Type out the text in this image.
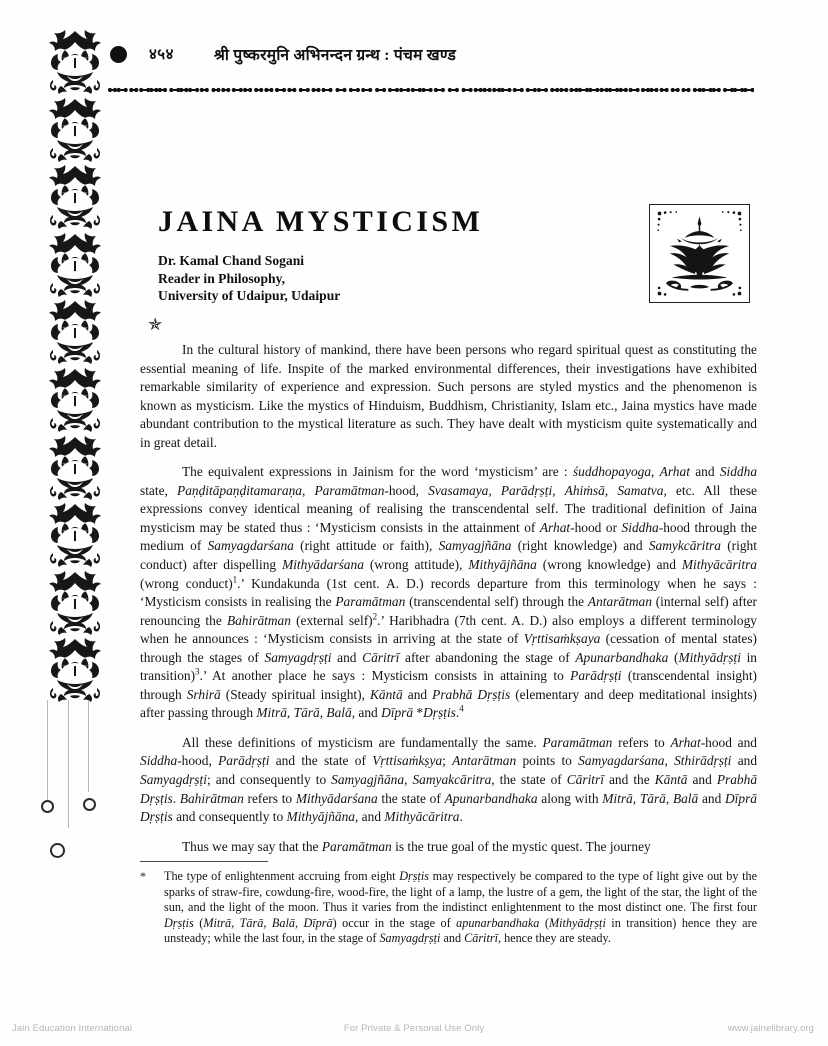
४५४	श्री पुष्करमुनि अभिनन्दन ग्रन्थ : पंचम खण्ड
JAINA MYSTICISM
Dr. Kamal Chand Sogani
Reader in Philosophy,
University of Udaipur, Udaipur
✯

In the cultural history of mankind, there have been persons who regard spiritual quest as constituting the essential meaning of life. Inspite of the marked environmental differences, their investigations have exhibited remarkable similarity of experience and expression. Such persons are styled mystics and the phenomenon is known as mysticism. Like the mystics of Hinduism, Buddhism, Christianity, Islam etc., Jaina mystics have made abundant contribution to the mystical literature as such. They have dealt with mysticism quite systematically and in great detail.

The equivalent expressions in Jainism for the word ‘mysticism’ are : śuddhopayoga, Arhat and Siddha state, Paṇḍitāpaṇḍitamaraṇa, Paramātman-hood, Svasamaya, Parādṛṣṭi, Ahiṁsā, Samatva, etc. All these expressions convey identical meaning of realising the transcendental self. The traditional definition of Jaina mysticism may be stated thus : ‘Mysticism consists in the attainment of Arhat-hood or Siddha-hood through the medium of Samyagdarśana (right attitude or faith), Samyagjñāna (right knowledge) and Samykcāritra (right conduct) after dispelling Mithyādarśana (wrong attitude), Mithyājñāna (wrong knowledge) and Mithyācāritra (wrong conduct)$^1$.’ Kundakunda (1st cent. A. D.) records departure from this terminology when he says : ‘Mysticism consists in realising the Paramātman (transcendental self) through the Antarātman (internal self) after renouncing the Bahirātman (external self)$^2$.’ Haribhadra (7th cent. A. D.) also employs a different terminology when he announces : ‘Mysticism consists in arriving at the state of Vṛttisaṁkṣaya (cessation of mental states) through the stages of Samyagdṛṣṭi and Cāritrī after abandoning the stage of Apunarbandhaka (Mithyādṛṣṭi in transition)$^3$.’ At another place he says : Mysticism consists in attaining to Parādṛṣṭi (transcendental insight) through Srhirā (Steady spiritual insight), Kāntā and Prabhā Dṛṣṭis (elementary and deep meditational insights) after passing through Mitrā, Tārā, Balā, and Dīprā *Dṛṣṭis.$^4$

All these definitions of mysticism are fundamentally the same. Paramātman refers to Arhat-hood and Siddha-hood, Parādṛṣṭi and the state of Vṛttisaṁkṣya; Antarātman points to Samyagdarśana, Sthirādṛṣṭi and Samyagdṛṣṭi; and consequently to Samyagjñāna, Samyakcāritra, the state of Cāritrī and the Kāntā and Prabhā Dṛṣṭis. Bahirātman refers to Mithyādarśana the state of Apunarbandhaka along with Mitrā, Tārā, Balā and Dīprā Dṛṣṭis and consequently to Mithyājñāna, and Mithyācāritra.

Thus we may say that the Paramātman is the true goal of the mystic quest. The journey

*	The type of enlightenment accruing from eight Dṛṣṭis may respectively be compared to the type of light give out by the sparks of straw-fire, cowdung-fire, wood-fire, the light of a lamp, the lustre of a gem, the light of the star, the light of the sun, and the light of the moon. Thus it varies from the indistinct enlightenment to the most distinct one. The first four Dṛṣṭis (Mitrā, Tārā, Balā, Dīprā) occur in the stage of apunarbandhaka (Mithyādṛṣṭi in transition) hence they are unsteady; while the last four, in the stage of Samyagdṛṣṭi and Cāritrī, hence they are steady.
Jain Education International	For Private & Personal Use Only	www.jainelibrary.org
